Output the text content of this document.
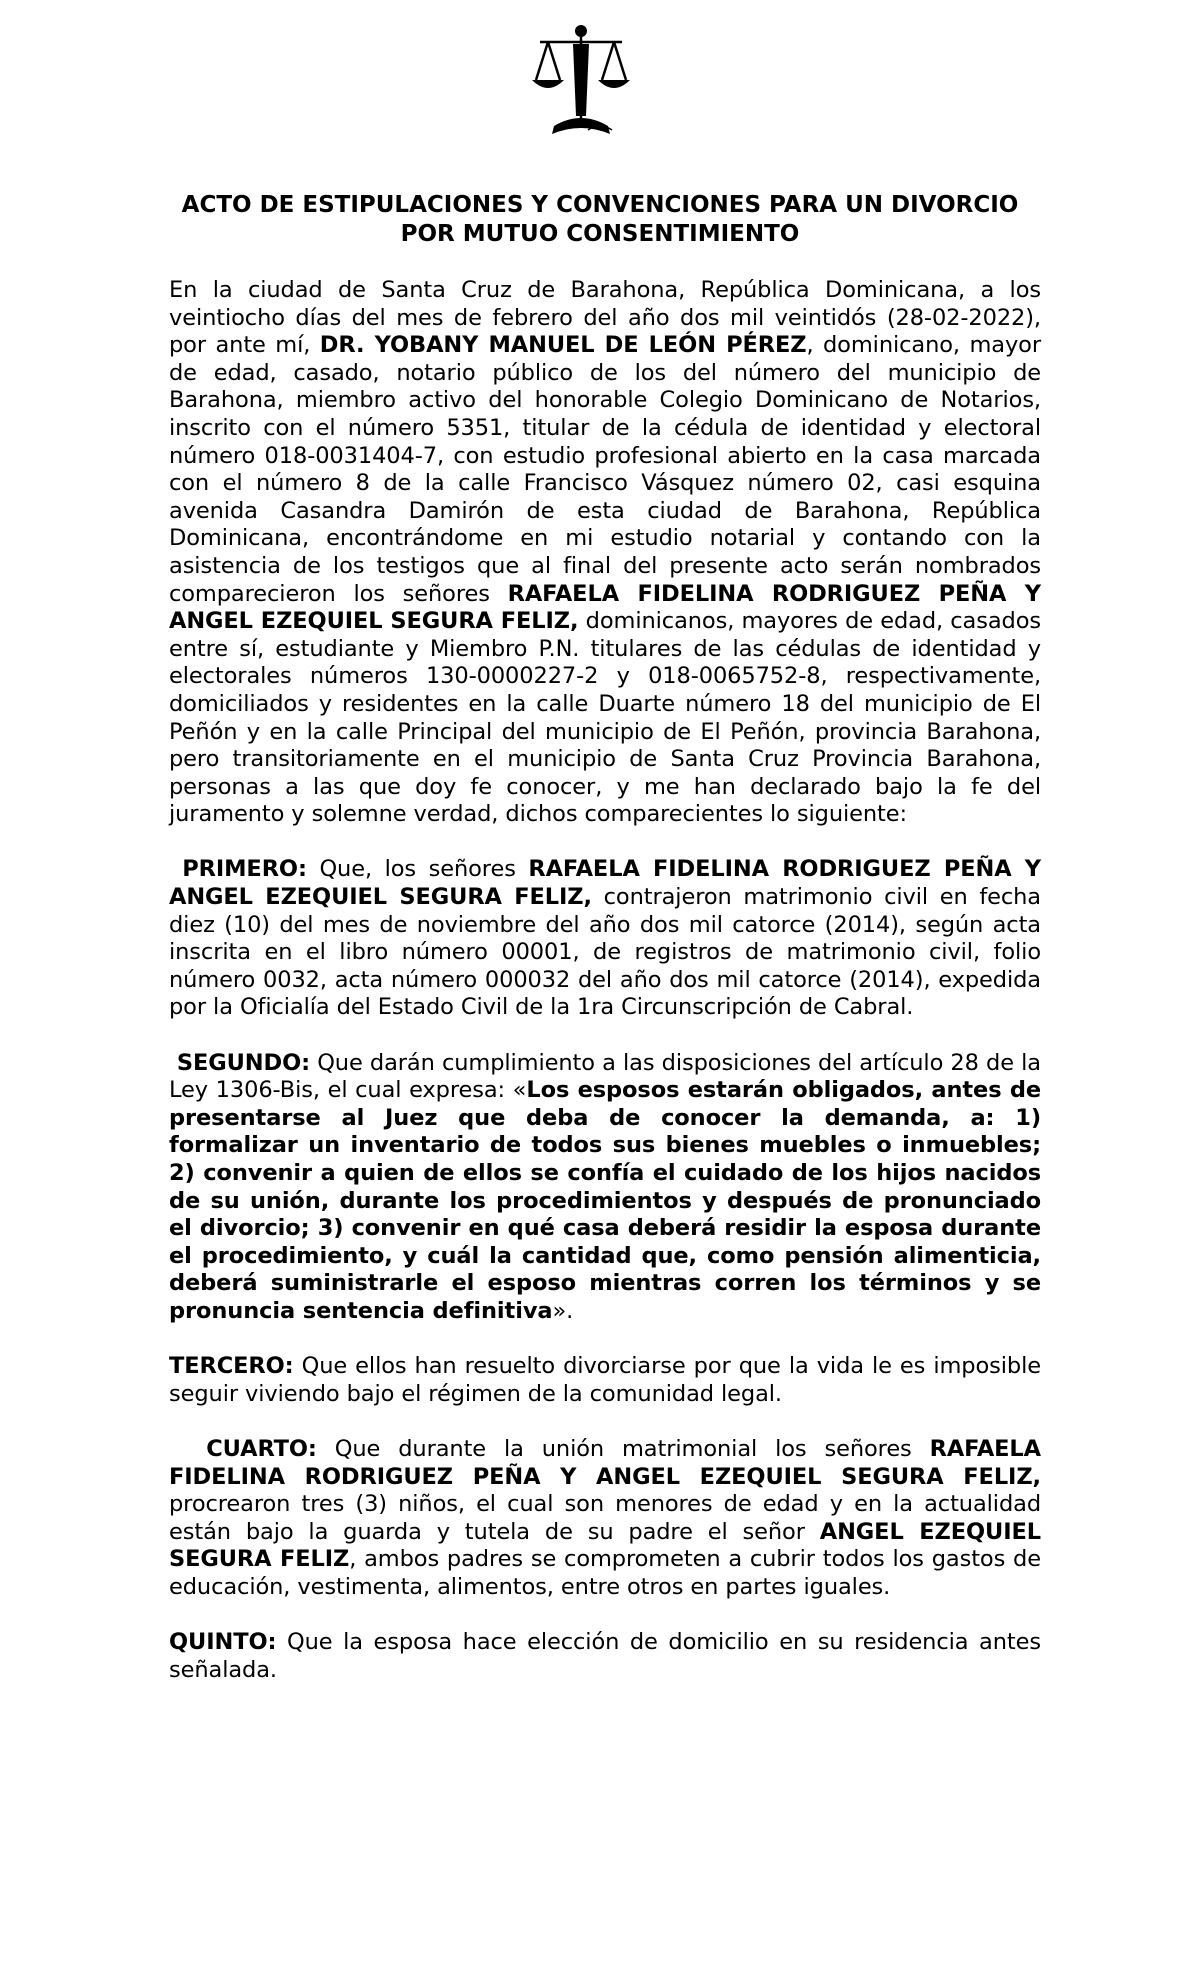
ACTO DE ESTIPULACIONES Y CONVENCIONES PARA UN DIVORCIO
POR MUTUO CONSENTIMIENTO

En la ciudad de Santa Cruz de Barahona, República Dominicana, a los veintiocho días del mes de febrero del año dos mil veintidós (28-02-2022), por ante mí, DR. YOBANY MANUEL DE LEÓN PÉREZ, dominicano, mayor de edad, casado, notario público de los del número del municipio de Barahona, miembro activo del honorable Colegio Dominicano de Notarios, inscrito con el número 5351, titular de la cédula de identidad y electoral número 018-0031404-7, con estudio profesional abierto en la casa marcada con el número 8 de la calle Francisco Vásquez número 02, casi esquina avenida Casandra Damirón de esta ciudad de Barahona, República Dominicana, encontrándome en mi estudio notarial y contando con la asistencia de los testigos que al final del presente acto serán nombrados comparecieron los señores RAFAELA FIDELINA RODRIGUEZ PEÑA Y ANGEL EZEQUIEL SEGURA FELIZ, dominicanos, mayores de edad, casados entre sí, estudiante y Miembro P.N. titulares de las cédulas de identidad y electorales números 130-0000227-2 y 018-0065752-8, respectivamente, domiciliados y residentes en la calle Duarte número 18 del municipio de El Peñón y en la calle Principal del municipio de El Peñón, provincia Barahona, pero transitoriamente en el municipio de Santa Cruz Provincia Barahona, personas a las que doy fe conocer, y me han declarado bajo la fe del juramento y solemne verdad, dichos comparecientes lo siguiente:

PRIMERO: Que, los señores RAFAELA FIDELINA RODRIGUEZ PEÑA Y ANGEL EZEQUIEL SEGURA FELIZ, contrajeron matrimonio civil en fecha diez (10) del mes de noviembre del año dos mil catorce (2014), según acta inscrita en el libro número 00001, de registros de matrimonio civil, folio número 0032, acta número 000032 del año dos mil catorce (2014), expedida por la Oficialía del Estado Civil de la 1ra Circunscripción de Cabral.

SEGUNDO: Que darán cumplimiento a las disposiciones del artículo 28 de la Ley 1306-Bis, el cual expresa: «Los esposos estarán obligados, antes de presentarse al Juez que deba de conocer la demanda, a: 1) formalizar un inventario de todos sus bienes muebles o inmuebles; 2) convenir a quien de ellos se confía el cuidado de los hijos nacidos de su unión, durante los procedimientos y después de pronunciado el divorcio; 3) convenir en qué casa deberá residir la esposa durante el procedimiento, y cuál la cantidad que, como pensión alimenticia, deberá suministrarle el esposo mientras corren los términos y se pronuncia sentencia definitiva».

TERCERO: Que ellos han resuelto divorciarse por que la vida le es imposible seguir viviendo bajo el régimen de la comunidad legal.

CUARTO: Que durante la unión matrimonial los señores RAFAELA FIDELINA RODRIGUEZ PEÑA Y ANGEL EZEQUIEL SEGURA FELIZ, procrearon tres (3) niños, el cual son menores de edad y en la actualidad están bajo la guarda y tutela de su padre el señor ANGEL EZEQUIEL SEGURA FELIZ, ambos padres se comprometen a cubrir todos los gastos de educación, vestimenta, alimentos, entre otros en partes iguales.

QUINTO: Que la esposa hace elección de domicilio en su residencia antes señalada.
